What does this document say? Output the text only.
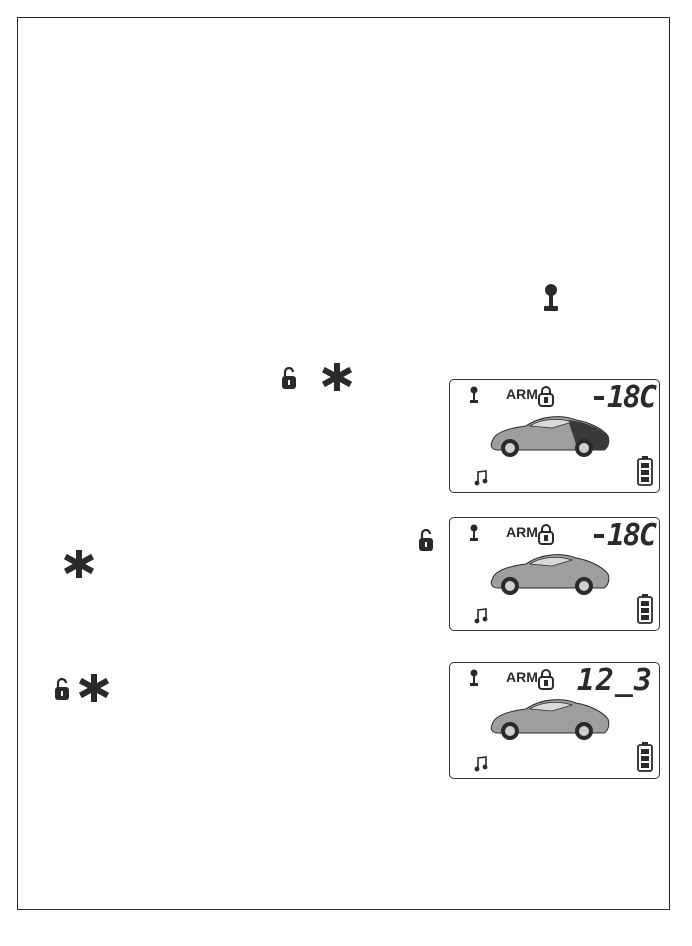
ARM 18C
ARM 18C
ARM 12_3
